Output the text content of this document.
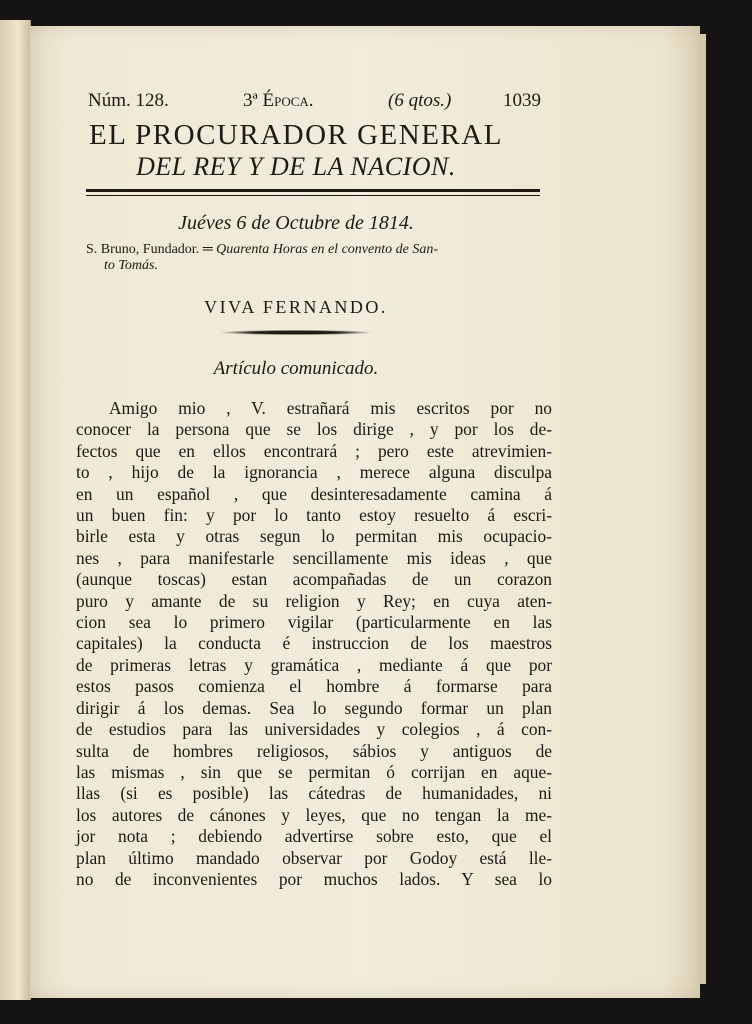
Núm. 128.	3ª Época.	(6 qtos.)	1039
EL PROCURADOR GENERAL
DEL REY Y DE LA NACION.
Juéves 6 de Octubre de 1814.
S. Bruno, Fundador. ═ Quarenta Horas en el convento de San-
to Tomás.
VIVA FERNANDO.
Artículo comunicado.
Amigo mio , V. estrañará mis escritos por no
conocer la persona que se los dirige , y por los de-
fectos que en ellos encontrará ; pero este atrevimien-
to , hijo de la ignorancia , merece alguna disculpa
en un español , que desinteresadamente camina á
un buen fin: y por lo tanto estoy resuelto á escri-
birle esta y otras segun lo permitan mis ocupacio-
nes , para manifestarle sencillamente mis ideas , que
(aunque toscas) estan acompañadas de un corazon
puro y amante de su religion y Rey; en cuya aten-
cion sea lo primero vigilar (particularmente en las
capitales) la conducta é instruccion de los maestros
de primeras letras y gramática , mediante á que por
estos pasos comienza el hombre á formarse para
dirigir á los demas. Sea lo segundo formar un plan
de estudios para las universidades y colegios , á con-
sulta de hombres religiosos, sábios y antiguos de
las mismas , sin que se permitan ó corrijan en aque-
llas (si es posible) las cátedras de humanidades, ni
los autores de cánones y leyes, que no tengan la me-
jor nota ; debiendo advertirse sobre esto, que el
plan último mandado observar por Godoy está lle-
no de inconvenientes por muchos lados. Y sea lo
